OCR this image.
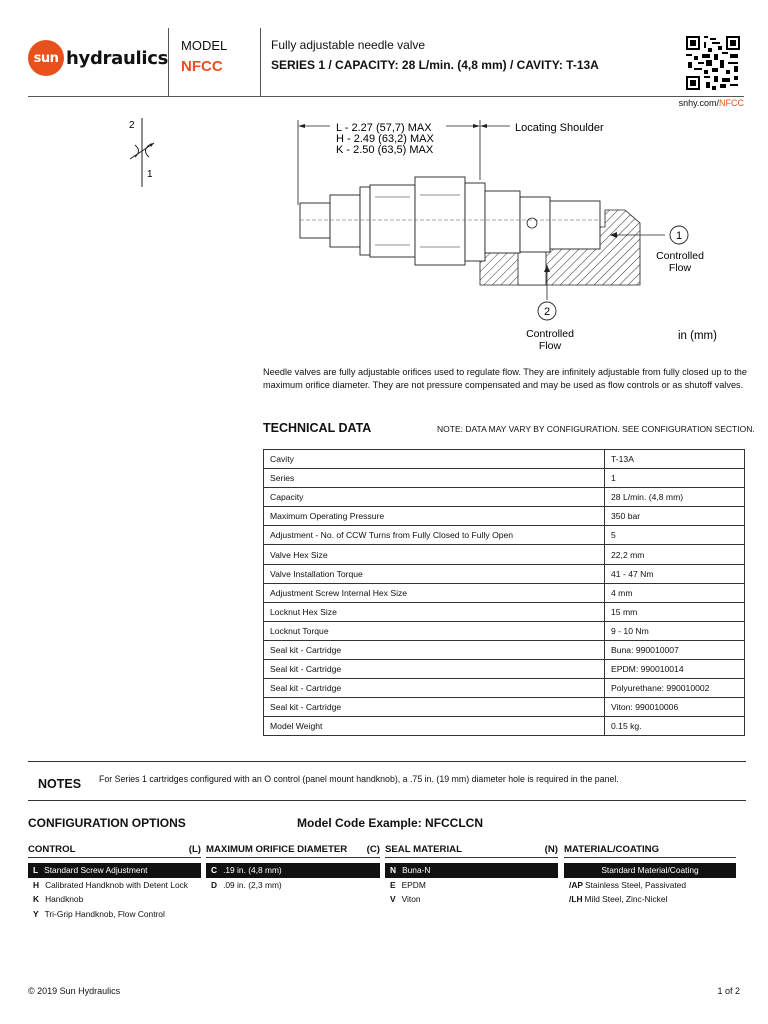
sun hydraulics
MODEL
NFCC
Fully adjustable needle valve
SERIES 1 / CAPACITY: 28 L/min. (4,8 mm) / CAVITY: T-13A
snhy.com/NFCC
2
1
L - 2.27 (57,7) MAX
H - 2.49 (63,2) MAX
K - 2.50 (63,5) MAX
Locating Shoulder
1
Controlled
Flow
2
Controlled
Flow
in (mm)
Needle valves are fully adjustable orifices used to regulate flow. They are infinitely adjustable from fully closed up to the maximum orifice diameter. They are not pressure compensated and may be used as flow controls or as shutoff valves.
TECHNICAL DATA	NOTE: DATA MAY VARY BY CONFIGURATION. SEE CONFIGURATION SECTION.
Cavity	T-13A
Series	1
Capacity	28 L/min. (4,8 mm)
Maximum Operating Pressure	350 bar
Adjustment - No. of CCW Turns from Fully Closed to Fully Open	5
Valve Hex Size	22,2 mm
Valve Installation Torque	41 - 47 Nm
Adjustment Screw Internal Hex Size	4 mm
Locknut Hex Size	15 mm
Locknut Torque	9 - 10 Nm
Seal kit - Cartridge	Buna: 990010007
Seal kit - Cartridge	EPDM: 990010014
Seal kit - Cartridge	Polyurethane: 990010002
Seal kit - Cartridge	Viton: 990010006
Model Weight	0.15 kg.
NOTES For Series 1 cartridges configured with an O control (panel mount handknob), a .75 in. (19 mm) diameter hole is required in the panel.
CONFIGURATION OPTIONS	Model Code Example: NFCCLCN
CONTROL	(L)
L Standard Screw Adjustment
H Calibrated Handknob with Detent Lock
K Handknob
Y Tri-Grip Handknob, Flow Control
MAXIMUM ORIFICE DIAMETER (C)
C .19 in. (4,8 mm)
D .09 in. (2,3 mm)
SEAL MATERIAL	(N)
N Buna-N
E EPDM
V Viton
MATERIAL/COATING
Standard Material/Coating
/AP Stainless Steel, Passivated
/LH Mild Steel, Zinc-Nickel
© 2019 Sun Hydraulics	1 of 2
